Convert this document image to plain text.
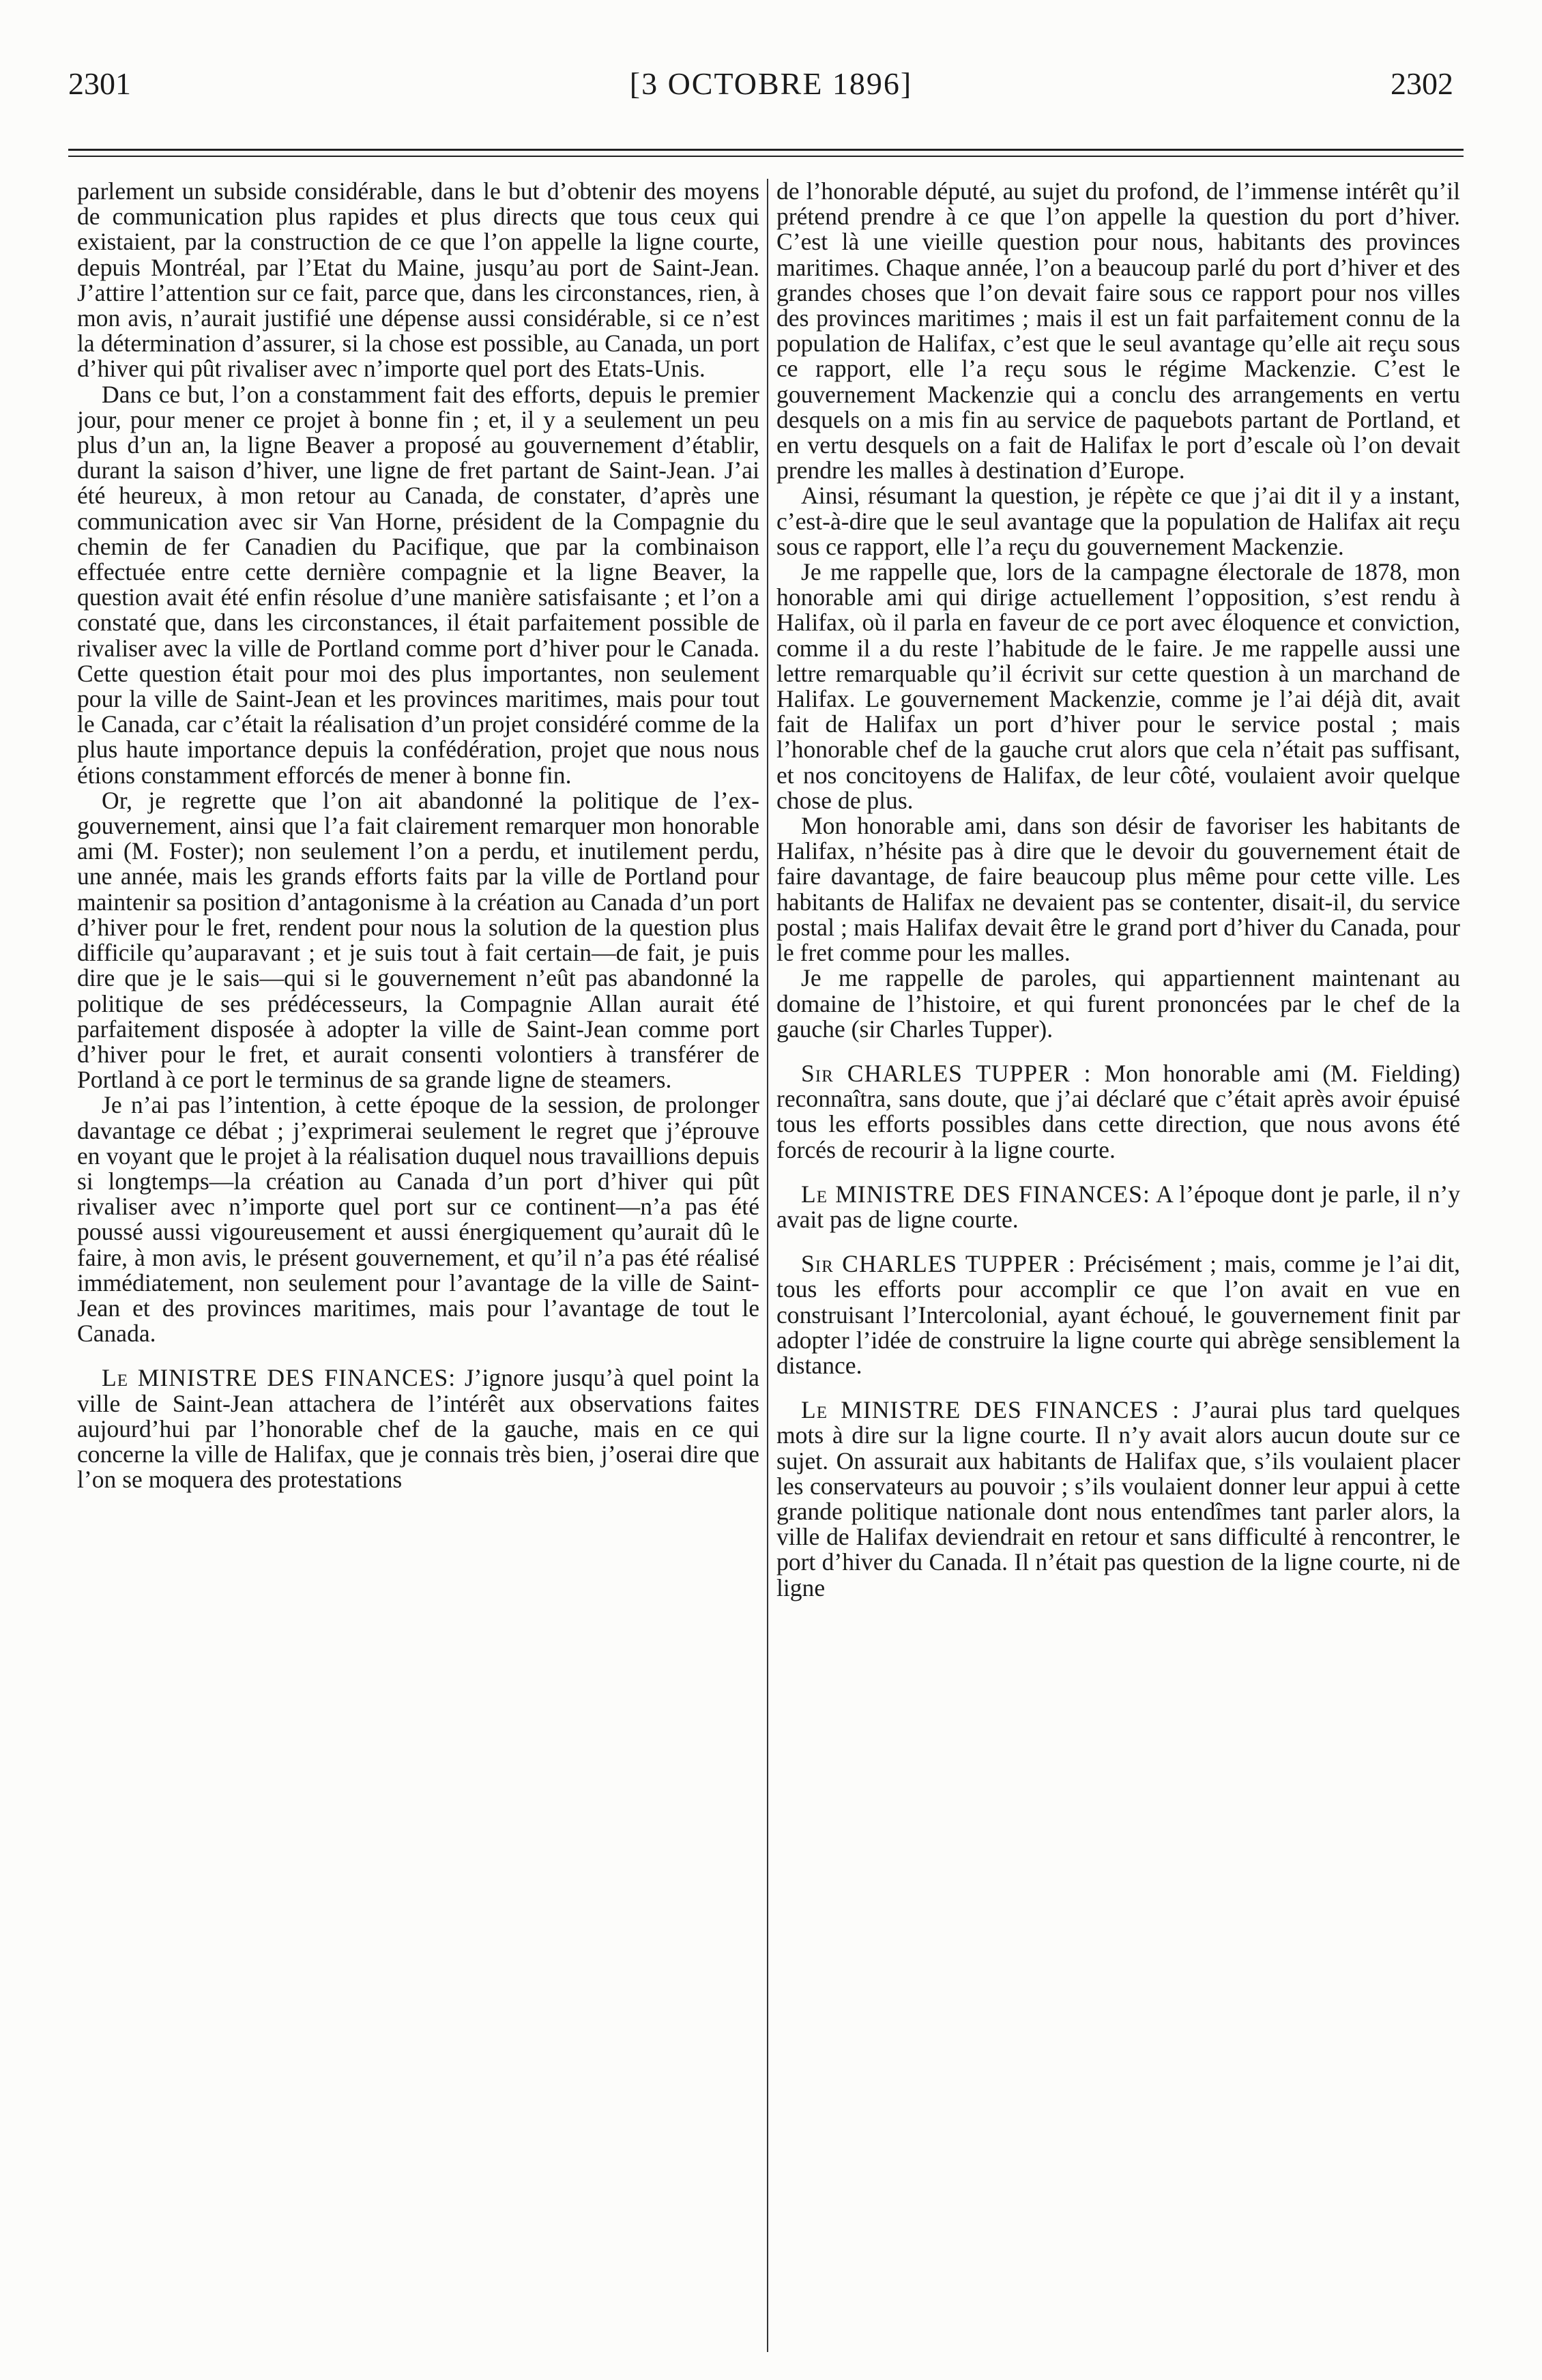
2301	[3 OCTOBRE 1896]	2302

parlement un subside considérable, dans le but d’obtenir des moyens de communication plus rapides et plus directs que tous ceux qui existaient, par la construction de ce que l’on appelle la ligne courte, depuis Montréal, par l’Etat du Maine, jusqu’au port de Saint-Jean. J’attire l’attention sur ce fait, parce que, dans les circonstances, rien, à mon avis, n’aurait justifié une dépense aussi considérable, si ce n’est la détermination d’assurer, si la chose est possible, au Canada, un port d’hiver qui pût rivaliser avec n’importe quel port des Etats-Unis.

Dans ce but, l’on a constamment fait des efforts, depuis le premier jour, pour mener ce projet à bonne fin ; et, il y a seulement un peu plus d’un an, la ligne Beaver a proposé au gouvernement d’établir, durant la saison d’hiver, une ligne de fret partant de Saint-Jean. J’ai été heureux, à mon retour au Canada, de constater, d’après une communication avec sir Van Horne, président de la Compagnie du chemin de fer Canadien du Pacifique, que par la combinaison effectuée entre cette dernière compagnie et la ligne Beaver, la question avait été enfin résolue d’une manière satisfaisante ; et l’on a constaté que, dans les circonstances, il était parfaitement possible de rivaliser avec la ville de Portland comme port d’hiver pour le Canada. Cette question était pour moi des plus importantes, non seulement pour la ville de Saint-Jean et les provinces maritimes, mais pour tout le Canada, car c’était la réalisation d’un projet considéré comme de la plus haute importance depuis la confédération, projet que nous nous étions constamment efforcés de mener à bonne fin.

Or, je regrette que l’on ait abandonné la politique de l’ex-gouvernement, ainsi que l’a fait clairement remarquer mon honorable ami (M. Foster); non seulement l’on a perdu, et inutilement perdu, une année, mais les grands efforts faits par la ville de Portland pour maintenir sa position d’antagonisme à la création au Canada d’un port d’hiver pour le fret, rendent pour nous la solution de la question plus difficile qu’auparavant ; et je suis tout à fait certain—de fait, je puis dire que je le sais—qui si le gouvernement n’eût pas abandonné la politique de ses prédécesseurs, la Compagnie Allan aurait été parfaitement disposée à adopter la ville de Saint-Jean comme port d’hiver pour le fret, et aurait consenti volontiers à transférer de Portland à ce port le terminus de sa grande ligne de steamers.

Je n’ai pas l’intention, à cette époque de la session, de prolonger davantage ce débat ; j’exprimerai seulement le regret que j’éprouve en voyant que le projet à la réalisation duquel nous travaillions depuis si longtemps—la création au Canada d’un port d’hiver qui pût rivaliser avec n’importe quel port sur ce continent—n’a pas été poussé aussi vigoureusement et aussi énergiquement qu’aurait dû le faire, à mon avis, le présent gouvernement, et qu’il n’a pas été réalisé immédiatement, non seulement pour l’avantage de la ville de Saint-Jean et des provinces maritimes, mais pour l’avantage de tout le Canada.

Le MINISTRE DES FINANCES: J’ignore jusqu’à quel point la ville de Saint-Jean attachera de l’intérêt aux observations faites aujourd’hui par l’honorable chef de la gauche, mais en ce qui concerne la ville de Halifax, que je connais très bien, j’oserai dire que l’on se moquera des protestations

de l’honorable député, au sujet du profond, de l’immense intérêt qu’il prétend prendre à ce que l’on appelle la question du port d’hiver. C’est là une vieille question pour nous, habitants des provinces maritimes. Chaque année, l’on a beaucoup parlé du port d’hiver et des grandes choses que l’on devait faire sous ce rapport pour nos villes des provinces maritimes ; mais il est un fait parfaitement connu de la population de Halifax, c’est que le seul avantage qu’elle ait reçu sous ce rapport, elle l’a reçu sous le régime Mackenzie. C’est le gouvernement Mackenzie qui a conclu des arrangements en vertu desquels on a mis fin au service de paquebots partant de Portland, et en vertu desquels on a fait de Halifax le port d’escale où l’on devait prendre les malles à destination d’Europe.

Ainsi, résumant la question, je répète ce que j’ai dit il y a instant, c’est-à-dire que le seul avantage que la population de Halifax ait reçu sous ce rapport, elle l’a reçu du gouvernement Mackenzie.

Je me rappelle que, lors de la campagne électorale de 1878, mon honorable ami qui dirige actuellement l’opposition, s’est rendu à Halifax, où il parla en faveur de ce port avec éloquence et conviction, comme il a du reste l’habitude de le faire. Je me rappelle aussi une lettre remarquable qu’il écrivit sur cette question à un marchand de Halifax. Le gouvernement Mackenzie, comme je l’ai déjà dit, avait fait de Halifax un port d’hiver pour le service postal ; mais l’honorable chef de la gauche crut alors que cela n’était pas suffisant, et nos concitoyens de Halifax, de leur côté, voulaient avoir quelque chose de plus.

Mon honorable ami, dans son désir de favoriser les habitants de Halifax, n’hésite pas à dire que le devoir du gouvernement était de faire davantage, de faire beaucoup plus même pour cette ville. Les habitants de Halifax ne devaient pas se contenter, disait-il, du service postal ; mais Halifax devait être le grand port d’hiver du Canada, pour le fret comme pour les malles.

Je me rappelle de paroles, qui appartiennent maintenant au domaine de l’histoire, et qui furent prononcées par le chef de la gauche (sir Charles Tupper).

Sir CHARLES TUPPER : Mon honorable ami (M. Fielding) reconnaîtra, sans doute, que j’ai déclaré que c’était après avoir épuisé tous les efforts possibles dans cette direction, que nous avons été forcés de recourir à la ligne courte.

Le MINISTRE DES FINANCES: A l’époque dont je parle, il n’y avait pas de ligne courte.

Sir CHARLES TUPPER : Précisément ; mais, comme je l’ai dit, tous les efforts pour accomplir ce que l’on avait en vue en construisant l’Intercolonial, ayant échoué, le gouvernement finit par adopter l’idée de construire la ligne courte qui abrège sensiblement la distance.

Le MINISTRE DES FINANCES : J’aurai plus tard quelques mots à dire sur la ligne courte. Il n’y avait alors aucun doute sur ce sujet. On assurait aux habitants de Halifax que, s’ils voulaient placer les conservateurs au pouvoir ; s’ils voulaient donner leur appui à cette grande politique nationale dont nous entendîmes tant parler alors, la ville de Halifax deviendrait en retour et sans difficulté à rencontrer, le port d’hiver du Canada. Il n’était pas question de la ligne courte, ni de ligne
